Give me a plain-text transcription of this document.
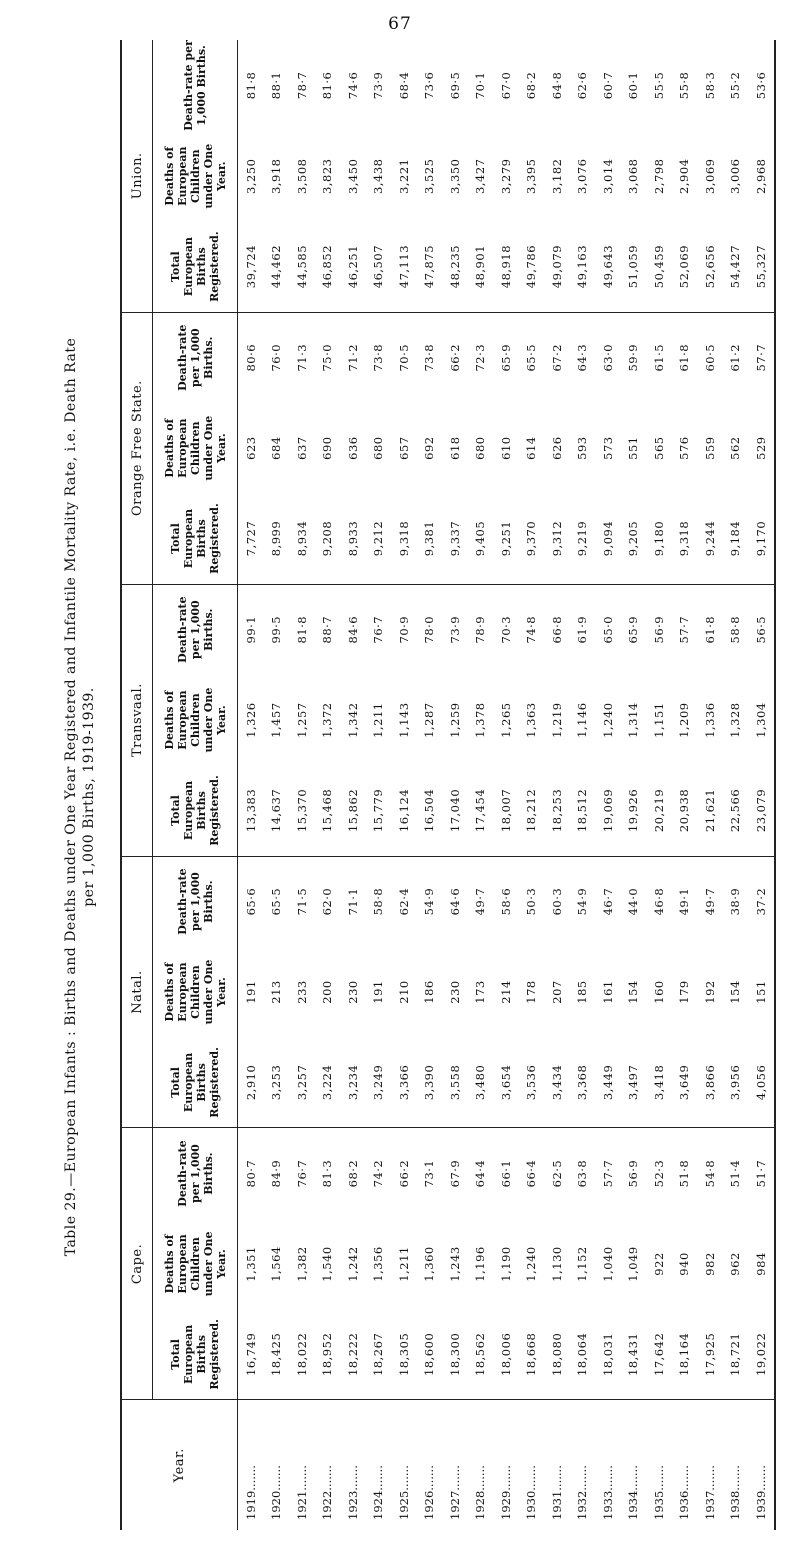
67
Table 29.—European Infants : Births and Deaths under One Year Registered and Infantile Mortality Rate, i.e. Death Rate per 1,000 Births, 1919-1939.
Year.	Cape.			Natal.			Transvaal.			Orange Free State.			Union.		
	Total European Births Registered.	Deaths of European Children under One Year.	Death-rate per 1,000 Births.	Total European Births Registered.	Deaths of European Children under One Year.	Death-rate per 1,000 Births.	Total European Births Registered.	Deaths of European Children under One Year.	Death-rate per 1,000 Births.	Total European Births Registered.	Deaths of European Children under One Year.	Death-rate per 1,000 Births.	Total European Births Registered.	Deaths of European Children under One Year.	Death-rate per 1,000 Births.
1919.......	16,749	1,351	80·7	2,910	191	65·6	13,383	1,326	99·1	7,727	623	80·6	39,724	3,250	81·8
1920.......	18,425	1,564	84·9	3,253	213	65·5	14,637	1,457	99·5	8,999	684	76·0	44,462	3,918	88·1
1921.......	18,022	1,382	76·7	3,257	233	71·5	15,370	1,257	81·8	8,934	637	71·3	44,585	3,508	78·7
1922.......	18,952	1,540	81·3	3,224	200	62·0	15,468	1,372	88·7	9,208	690	75·0	46,852	3,823	81·6
1923.......	18,222	1,242	68·2	3,234	230	71·1	15,862	1,342	84·6	8,933	636	71·2	46,251	3,450	74·6
1924.......	18,267	1,356	74·2	3,249	191	58·8	15,779	1,211	76·7	9,212	680	73·8	46,507	3,438	73·9
1925.......	18,305	1,211	66·2	3,366	210	62·4	16,124	1,143	70·9	9,318	657	70·5	47,113	3,221	68·4
1926.......	18,600	1,360	73·1	3,390	186	54·9	16,504	1,287	78·0	9,381	692	73·8	47,875	3,525	73·6
1927.......	18,300	1,243	67·9	3,558	230	64·6	17,040	1,259	73·9	9,337	618	66·2	48,235	3,350	69·5
1928.......	18,562	1,196	64·4	3,480	173	49·7	17,454	1,378	78·9	9,405	680	72·3	48,901	3,427	70·1
1929.......	18,006	1,190	66·1	3,654	214	58·6	18,007	1,265	70·3	9,251	610	65·9	48,918	3,279	67·0
1930.......	18,668	1,240	66·4	3,536	178	50·3	18,212	1,363	74·8	9,370	614	65·5	49,786	3,395	68·2
1931.......	18,080	1,130	62·5	3,434	207	60·3	18,253	1,219	66·8	9,312	626	67·2	49,079	3,182	64·8
1932.......	18,064	1,152	63·8	3,368	185	54·9	18,512	1,146	61·9	9,219	593	64·3	49,163	3,076	62·6
1933.......	18,031	1,040	57·7	3,449	161	46·7	19,069	1,240	65·0	9,094	573	63·0	49,643	3,014	60·7
1934.......	18,431	1,049	56·9	3,497	154	44·0	19,926	1,314	65·9	9,205	551	59·9	51,059	3,068	60·1
1935.......	17,642	922	52·3	3,418	160	46·8	20,219	1,151	56·9	9,180	565	61·5	50,459	2,798	55·5
1936.......	18,164	940	51·8	3,649	179	49·1	20,938	1,209	57·7	9,318	576	61·8	52,069	2,904	55·8
1937.......	17,925	982	54·8	3,866	192	49·7	21,621	1,336	61·8	9,244	559	60·5	52,656	3,069	58·3
1938.......	18,721	962	51·4	3,956	154	38·9	22,566	1,328	58·8	9,184	562	61·2	54,427	3,006	55·2
1939.......	19,022	984	51·7	4,056	151	37·2	23,079	1,304	56·5	9,170	529	57·7	55,327	2,968	53·6
